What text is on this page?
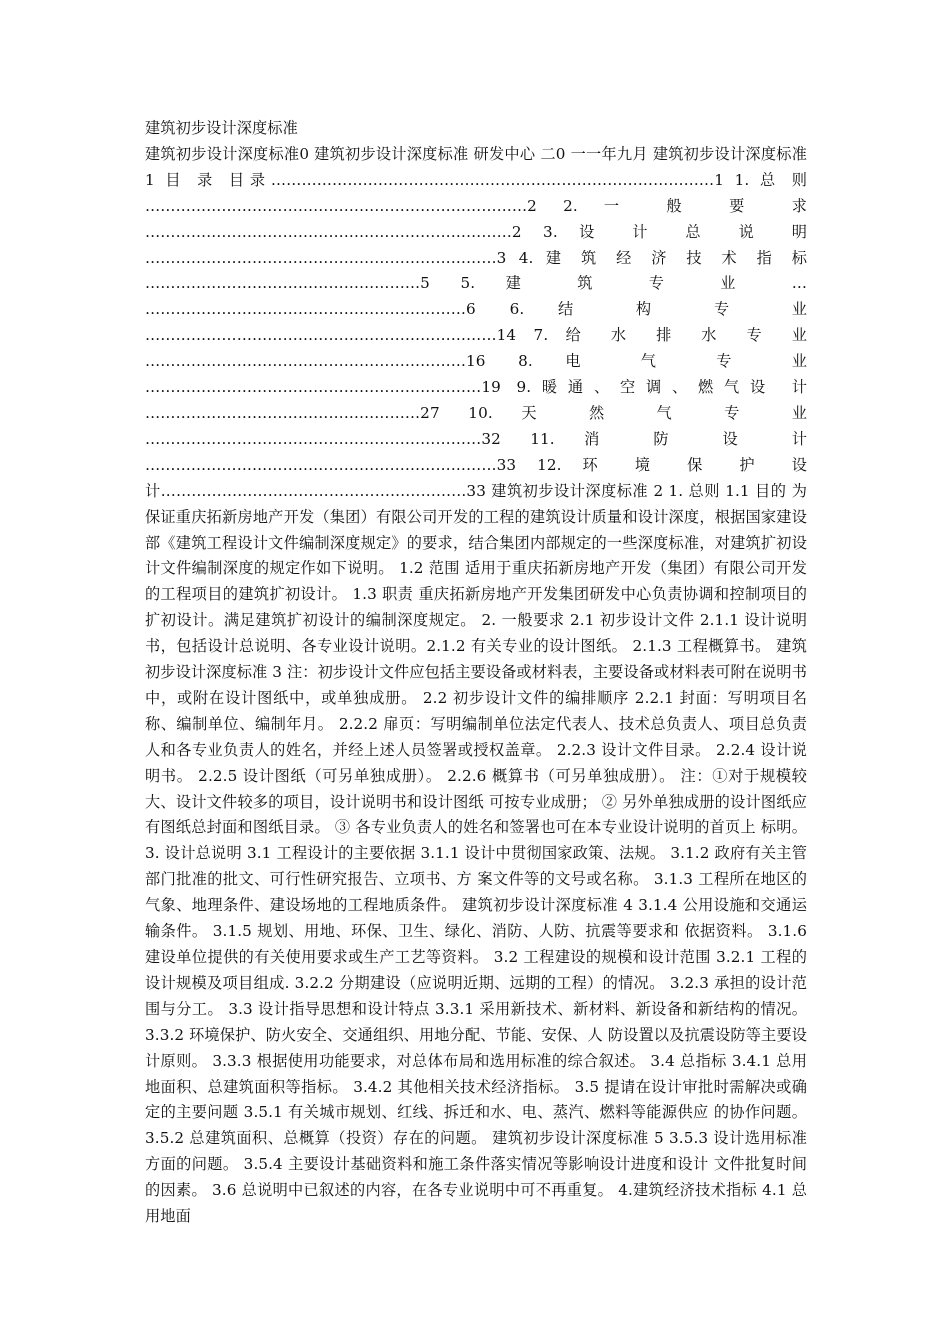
建筑初步设计深度标准

建筑初步设计深度标准0 建筑初步设计深度标准 研发中心 二0 一一年九月 建筑初步设计深度标准 1 目 录 目录……………………………………………………………………………1 1. 总 则 …………………………………………………………………2 2. 一 般 要 求 ………………………………………………………………2 3. 设 计 总 说 明 ……………………………………………………………3 4. 建 筑 经 济 技 术 指 标 ………………………………………………5 5. 建 筑 专 业 … ………………………………………………………6 6. 结 构 专 业 ……………………………………………………………14 7. 给 水 排 水 专 业 ………………………………………………………16 8. 电 气 专 业 …………………………………………………………19 9.暖通、空调、燃气设 计 ………………………………………………27 10. 天 然 气 专 业 …………………………………………………………32 11. 消 防 设 计 ……………………………………………………………33 12. 环 境 保 护 设 计……………………………………………………33 建筑初步设计深度标准 2 1. 总则 1.1 目的 为保证重庆拓新房地产开发（集团）有限公司开发的工程的建筑设计质量和设计深度，根据国家建设部《建筑工程设计文件编制深度规定》的要求，结合集团内部规定的一些深度标准，对建筑扩初设计文件编制深度的规定作如下说明。 1.2 范围 适用于重庆拓新房地产开发（集团）有限公司开发的工程项目的建筑扩初设计。 1.3 职责 重庆拓新房地产开发集团研发中心负责协调和控制项目的扩初设计。满足建筑扩初设计的编制深度规定。 2. 一般要求 2.1 初步设计文件 2.1.1 设计说明书，包括设计总说明、各专业设计说明。2.1.2 有关专业的设计图纸。 2.1.3 工程概算书。 建筑初步设计深度标准 3 注：初步设计文件应包括主要设备或材料表，主要设备或材料表可附在说明书中，或附在设计图纸中，或单独成册。 2.2 初步设计文件的编排顺序 2.2.1 封面：写明项目名称、编制单位、编制年月。 2.2.2 扉页：写明编制单位法定代表人、技术总负责人、项目总负责 人和各专业负责人的姓名，并经上述人员签署或授权盖章。 2.2.3 设计文件目录。 2.2.4 设计说明书。 2.2.5 设计图纸（可另单独成册）。 2.2.6 概算书（可另单独成册）。 注：①对于规模较大、设计文件较多的项目，设计说明书和设计图纸 可按专业成册； ② 另外单独成册的设计图纸应有图纸总封面和图纸目录。 ③ 各专业负责人的姓名和签署也可在本专业设计说明的首页上 标明。 3. 设计总说明 3.1 工程设计的主要依据 3.1.1 设计中贯彻国家政策、法规。 3.1.2 政府有关主管部门批准的批文、可行性研究报告、立项书、方 案文件等的文号或名称。 3.1.3 工程所在地区的气象、地理条件、建设场地的工程地质条件。 建筑初步设计深度标准 4 3.1.4 公用设施和交通运输条件。 3.1.5 规划、用地、环保、卫生、绿化、消防、人防、抗震等要求和 依据资料。 3.1.6 建设单位提供的有关使用要求或生产工艺等资料。 3.2 工程建设的规模和设计范围 3.2.1 工程的设计规模及项目组成. 3.2.2 分期建设（应说明近期、远期的工程）的情况。 3.2.3 承担的设计范围与分工。 3.3 设计指导思想和设计特点 3.3.1 采用新技术、新材料、新设备和新结构的情况。 3.3.2 环境保护、防火安全、交通组织、用地分配、节能、安保、人 防设置以及抗震设防等主要设计原则。 3.3.3 根据使用功能要求，对总体布局和选用标准的综合叙述。 3.4 总指标 3.4.1 总用地面积、总建筑面积等指标。 3.4.2 其他相关技术经济指标。 3.5 提请在设计审批时需解决或确定的主要问题 3.5.1 有关城市规划、红线、拆迁和水、电、蒸汽、燃料等能源供应 的协作问题。 3.5.2 总建筑面积、总概算（投资）存在的问题。 建筑初步设计深度标准 5 3.5.3 设计选用标准方面的问题。 3.5.4 主要设计基础资料和施工条件落实情况等影响设计进度和设计 文件批复时间的因素。 3.6 总说明中已叙述的内容，在各专业说明中可不再重复。 4.建筑经济技术指标 4.1 总用地面
